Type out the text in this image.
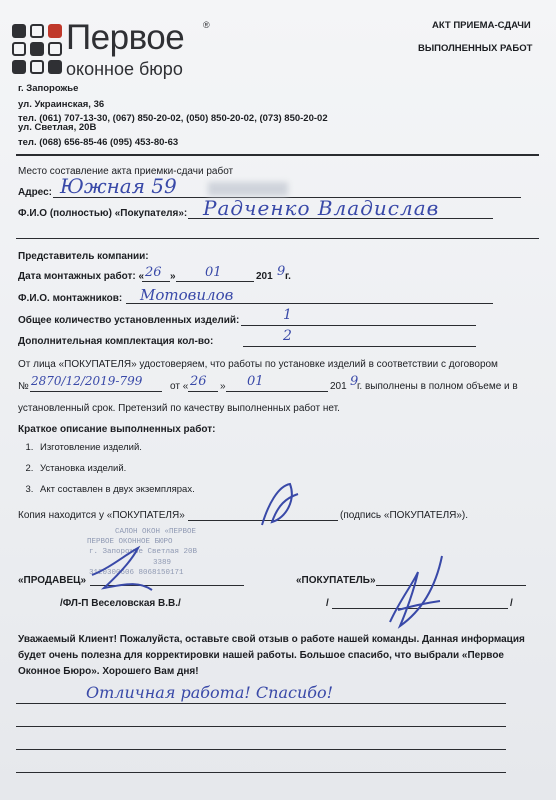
Первое ®
оконное бюро
АКТ ПРИЕМА-СДАЧИ
ВЫПОЛНЕННЫХ РАБОТ
г. Запорожье
ул. Украинская, 36
тел. (061) 707-13-30, (067) 850-20-02, (050) 850-20-02, (073) 850-20-02
ул. Светлая, 20В
тел. (068) 656-85-46 (095) 453-80-63
Место составление акта приемки-сдачи работ
Адрес: Южная 59
Ф.И.О (полностью) «Покупателя»: Радченко Владислав
Представитель компании:
Дата монтажных работ: « 26 » 01	201 9 г.
Ф.И.О. монтажников: Мотовилов
Общее количество установленных изделий:	1
Дополнительная комплектация кол-во:	2
От лица «ПОКУПАТЕЛЯ» удостоверяем, что работы по установке изделий в соответствии с договором
№ 2870/12/2019-799	от « 26 » 01	201 9
г. выполнены в полном объеме и в
установленный срок. Претензий по качеству выполненных работ нет.
Краткое описание выполненных работ:
1. Изготовление изделий.
2. Установка изделий.
3. Акт составлен в двух экземплярах.
Копия находится у «ПОКУПАТЕЛЯ»	(подпись «ПОКУПАТЕЛЯ»).
САЛОН ОКОН «ПЕРВОЕ
ПЕРВОЕ ОКОННОЕ БЮРО
г. Запорожье Светлая 20В
3389
3120300606 8068150171
«ПРОДАВЕЦ»	«ПОКУПАТЕЛЬ»
/ФЛ-П Веселовская В.В./	/	/
Уважаемый Клиент! Пожалуйста, оставьте свой отзыв о работе нашей команды. Данная информация
будет очень полезна для корректировки нашей работы. Большое спасибо, что выбрали «Первое
Оконное Бюро». Хорошего Вам дня!
Отличная работа! Спасибо!
